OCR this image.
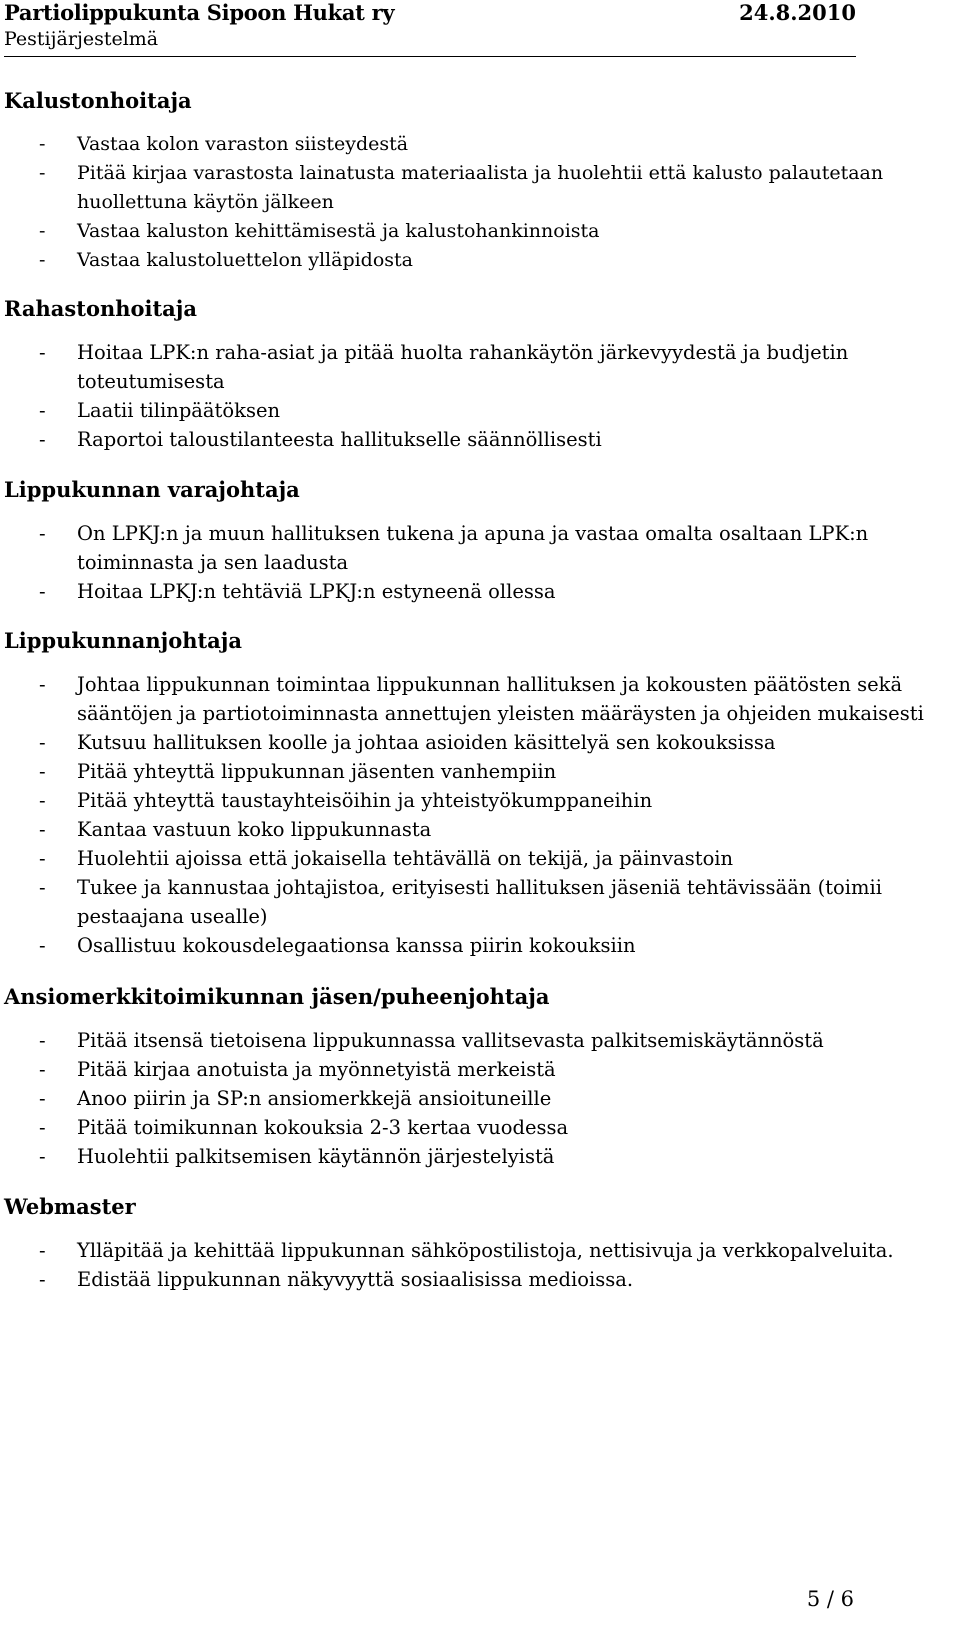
Partiolippukunta Sipoon Hukat ry	24.8.2010
Pestijärjestelmä
Kalustonhoitaja
- Vastaa kolon varaston siisteydestä
- Pitää kirjaa varastosta lainatusta materiaalista ja huolehtii että kalusto palautetaan huollettuna käytön jälkeen
- Vastaa kaluston kehittämisestä ja kalustohankinnoista
- Vastaa kalustoluettelon ylläpidosta
Rahastonhoitaja
- Hoitaa LPK:n raha-asiat ja pitää huolta rahankäytön järkevyydestä ja budjetin toteutumisesta
- Laatii tilinpäätöksen
- Raportoi taloustilanteesta hallitukselle säännöllisesti
Lippukunnan varajohtaja
- On LPKJ:n ja muun hallituksen tukena ja apuna ja vastaa omalta osaltaan LPK:n toiminnasta ja sen laadusta
- Hoitaa LPKJ:n tehtäviä LPKJ:n estyneenä ollessa
Lippukunnanjohtaja
- Johtaa lippukunnan toimintaa lippukunnan hallituksen ja kokousten päätösten sekä sääntöjen ja partiotoiminnasta annettujen yleisten määräysten ja ohjeiden mukaisesti
- Kutsuu hallituksen koolle ja johtaa asioiden käsittelyä sen kokouksissa
- Pitää yhteyttä lippukunnan jäsenten vanhempiin
- Pitää yhteyttä taustayhteisöihin ja yhteistyökumppaneihin
- Kantaa vastuun koko lippukunnasta
- Huolehtii ajoissa että jokaisella tehtävällä on tekijä, ja päinvastoin
- Tukee ja kannustaa johtajistoa, erityisesti hallituksen jäseniä tehtävissään (toimii pestaajana usealle)
- Osallistuu kokousdelegaationsa kanssa piirin kokouksiin
Ansiomerkkitoimikunnan jäsen/puheenjohtaja
- Pitää itsensä tietoisena lippukunnassa vallitsevasta palkitsemiskäytännöstä
- Pitää kirjaa anotuista ja myönnetyistä merkeistä
- Anoo piirin ja SP:n ansiomerkkejä ansioituneille
- Pitää toimikunnan kokouksia 2-3 kertaa vuodessa
- Huolehtii palkitsemisen käytännön järjestelyistä
Webmaster
- Ylläpitää ja kehittää lippukunnan sähköpostilistoja, nettisivuja ja verkkopalveluita.
- Edistää lippukunnan näkyvyyttä sosiaalisissa medioissa.
5 / 6
